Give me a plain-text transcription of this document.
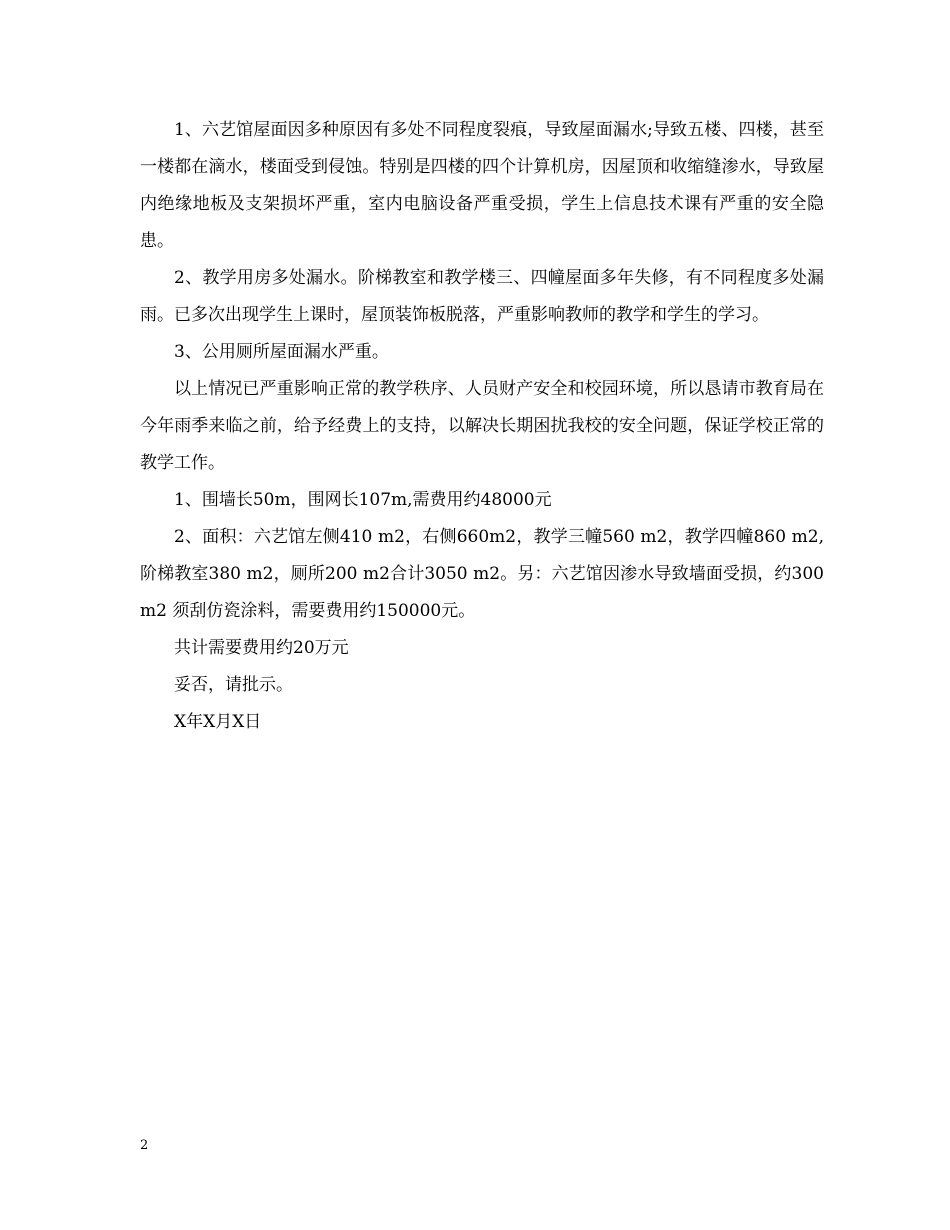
1、六艺馆屋面因多种原因有多处不同程度裂痕，导致屋面漏水;导致五楼、四楼，甚至一楼都在滴水，楼面受到侵蚀。特别是四楼的四个计算机房，因屋顶和收缩缝渗水，导致屋内绝缘地板及支架损坏严重，室内电脑设备严重受损，学生上信息技术课有严重的安全隐患。

2、教学用房多处漏水。阶梯教室和教学楼三、四幢屋面多年失修，有不同程度多处漏雨。已多次出现学生上课时，屋顶装饰板脱落，严重影响教师的教学和学生的学习。

3、公用厕所屋面漏水严重。

以上情况已严重影响正常的教学秩序、人员财产安全和校园环境，所以恳请市教育局在今年雨季来临之前，给予经费上的支持，以解决长期困扰我校的安全问题，保证学校正常的教学工作。

1、围墙长50m，围网长107m,需费用约48000元

2、面积：六艺馆左侧410 m2，右侧660m2，教学三幢560 m2，教学四幢860 m2,阶梯教室380 m2，厕所200 m2合计3050 m2。另：六艺馆因渗水导致墙面受损，约300 m2 须刮仿瓷涂料，需要费用约150000元。

共计需要费用约20万元

妥否，请批示。

X年X月X日

2
